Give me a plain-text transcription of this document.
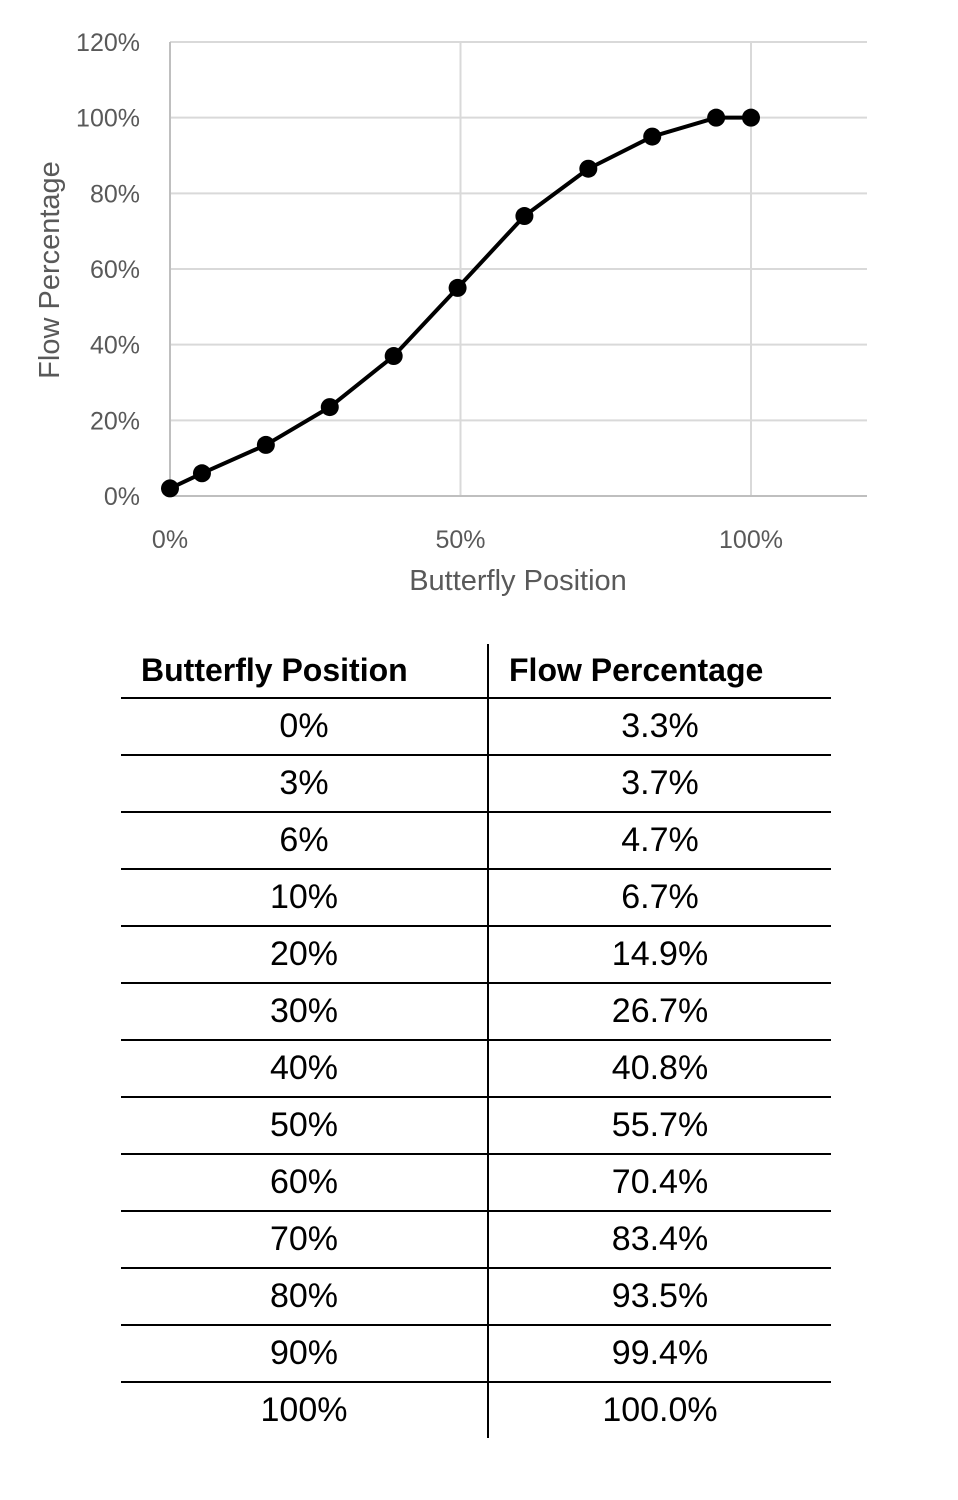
0%
20%
40%
60%
80%
100%
120%
0%	50%	100%
Butterfly Position
Flow Percentage
Butterfly Position	Flow Percentage
0%	3.3%
3%	3.7%
6%	4.7%
10%	6.7%
20%	14.9%
30%	26.7%
40%	40.8%
50%	55.7%
60%	70.4%
70%	83.4%
80%	93.5%
90%	99.4%
100%	100.0%
